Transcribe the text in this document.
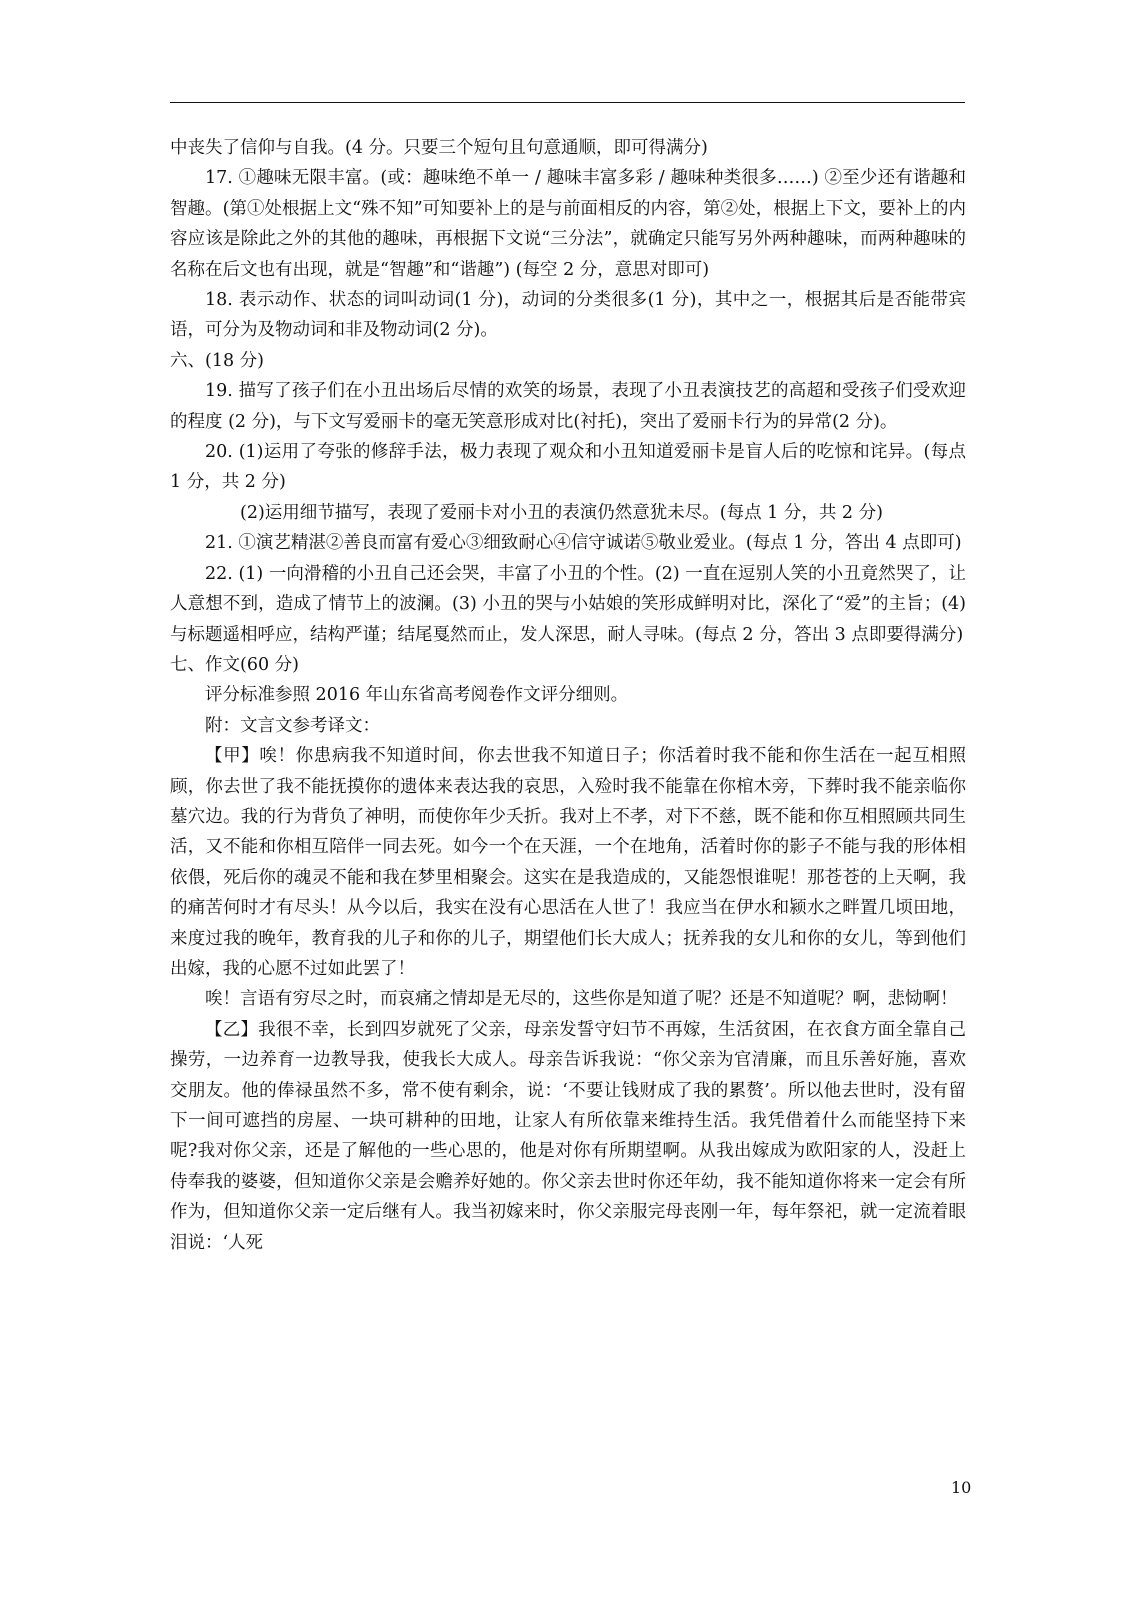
中丧失了信仰与自我。(4 分。只要三个短句且句意通顺，即可得满分)

17. ①趣味无限丰富。(或：趣味绝不单一 / 趣味丰富多彩 / 趣味种类很多……) ②至少还有谐趣和智趣。(第①处根据上文“殊不知”可知要补上的是与前面相反的内容，第②处，根据上下文，要补上的内容应该是除此之外的其他的趣味，再根据下文说“三分法”，就确定只能写另外两种趣味，而两种趣味的名称在后文也有出现，就是“智趣”和“谐趣”) (每空 2 分，意思对即可)

18. 表示动作、状态的词叫动词(1 分)，动词的分类很多(1 分)，其中之一，根据其后是否能带宾语，可分为及物动词和非及物动词(2 分)。

六、(18 分)

19. 描写了孩子们在小丑出场后尽情的欢笑的场景，表现了小丑表演技艺的高超和受孩子们受欢迎的程度 (2 分)，与下文写爱丽卡的毫无笑意形成对比(衬托)，突出了爱丽卡行为的异常(2 分)。

20. (1)运用了夸张的修辞手法，极力表现了观众和小丑知道爱丽卡是盲人后的吃惊和诧异。(每点 1 分，共 2 分)

(2)运用细节描写，表现了爱丽卡对小丑的表演仍然意犹未尽。(每点 1 分，共 2 分)

21. ①演艺精湛②善良而富有爱心③细致耐心④信守诚诺⑤敬业爱业。(每点 1 分，答出 4 点即可)

22. (1) 一向滑稽的小丑自己还会哭，丰富了小丑的个性。(2) 一直在逗别人笑的小丑竟然哭了，让人意想不到，造成了情节上的波澜。(3) 小丑的哭与小姑娘的笑形成鲜明对比，深化了“爱”的主旨；(4) 与标题遥相呼应，结构严谨；结尾戛然而止，发人深思，耐人寻味。(每点 2 分，答出 3 点即要得满分)

七、作文(60 分)

评分标准参照 2016 年山东省高考阅卷作文评分细则。

附：文言文参考译文：

【甲】唉！你患病我不知道时间，你去世我不知道日子；你活着时我不能和你生活在一起互相照顾，你去世了我不能抚摸你的遗体来表达我的哀思，入殓时我不能靠在你棺木旁，下葬时我不能亲临你墓穴边。我的行为背负了神明，而使你年少夭折。我对上不孝，对下不慈，既不能和你互相照顾共同生活，又不能和你相互陪伴一同去死。如今一个在天涯，一个在地角，活着时你的影子不能与我的形体相依偎，死后你的魂灵不能和我在梦里相聚会。这实在是我造成的，又能怨恨谁呢！那苍苍的上天啊，我的痛苦何时才有尽头！从今以后，我实在没有心思活在人世了！我应当在伊水和颍水之畔置几顷田地，来度过我的晚年，教育我的儿子和你的儿子，期望他们长大成人；抚养我的女儿和你的女儿，等到他们出嫁，我的心愿不过如此罢了！

唉！言语有穷尽之时，而哀痛之情却是无尽的，这些你是知道了呢？还是不知道呢？啊，悲恸啊！

【乙】我很不幸，长到四岁就死了父亲，母亲发誓守妇节不再嫁，生活贫困，在衣食方面全靠自己操劳，一边养育一边教导我，使我长大成人。母亲告诉我说：“你父亲为官清廉，而且乐善好施，喜欢交朋友。他的俸禄虽然不多，常不使有剩余，说：‘不要让钱财成了我的累赘’。所以他去世时，没有留下一间可遮挡的房屋、一块可耕种的田地，让家人有所依靠来维持生活。我凭借着什么而能坚持下来呢?我对你父亲，还是了解他的一些心思的，他是对你有所期望啊。从我出嫁成为欧阳家的人，没赶上侍奉我的婆婆，但知道你父亲是会赡养好她的。你父亲去世时你还年幼，我不能知道你将来一定会有所作为，但知道你父亲一定后继有人。我当初嫁来时，你父亲服完母丧刚一年，每年祭祀，就一定流着眼泪说：‘人死

10
